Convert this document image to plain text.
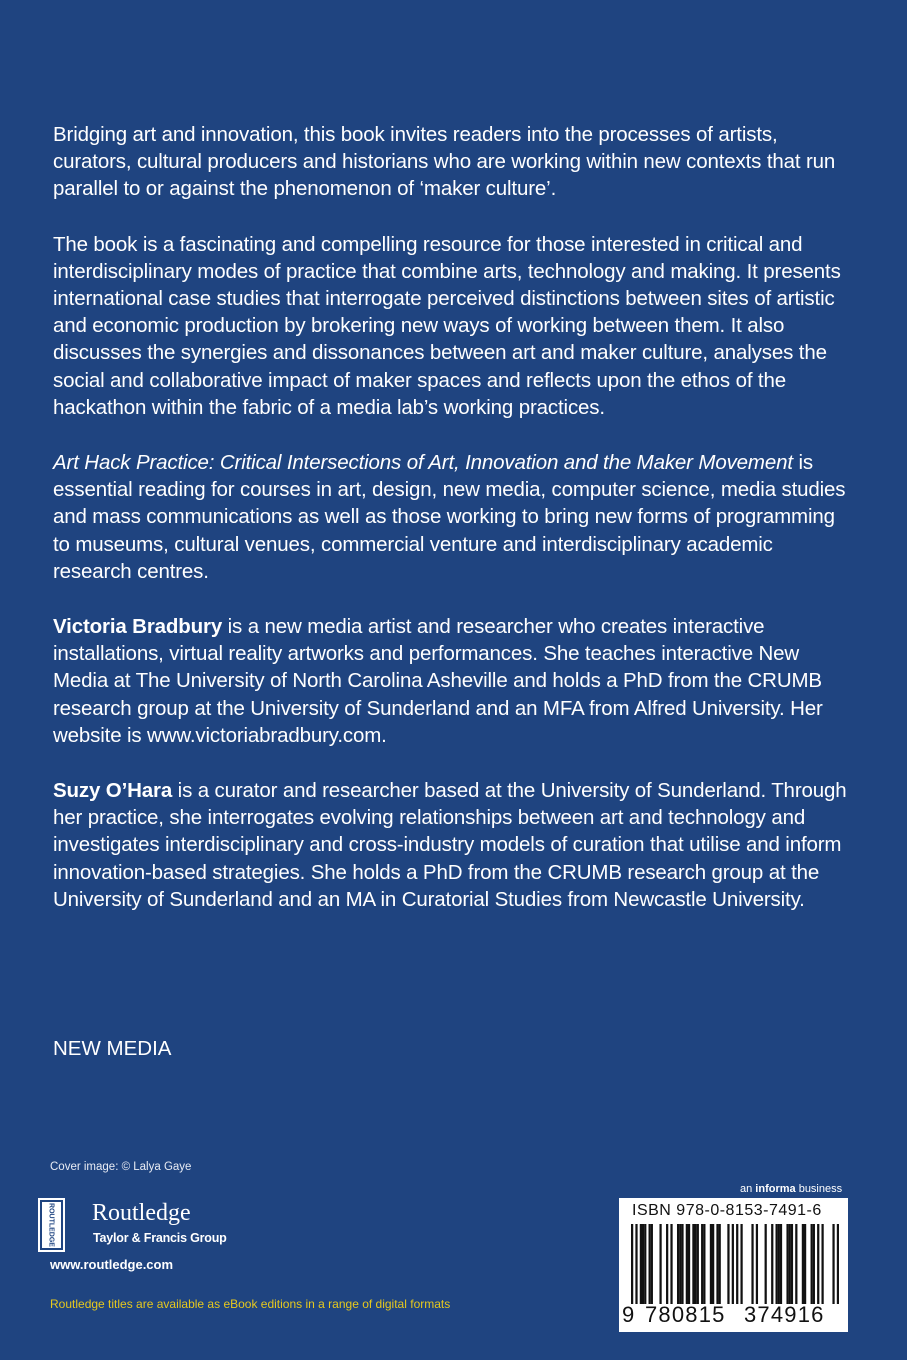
Bridging art and innovation, this book invites readers into the processes of artists, curators, cultural producers and historians who are working within new contexts that run parallel to or against the phenomenon of ‘maker culture’.

The book is a fascinating and compelling resource for those interested in critical and interdisciplinary modes of practice that combine arts, technology and making. It presents international case studies that interrogate perceived distinctions between sites of artistic and economic production by brokering new ways of working between them. It also discusses the synergies and dissonances between art and maker culture, analyses the social and collaborative impact of maker spaces and reflects upon the ethos of the hackathon within the fabric of a media lab’s working practices.

Art Hack Practice: Critical Intersections of Art, Innovation and the Maker Movement is essential reading for courses in art, design, new media, computer science, media studies and mass communications as well as those working to bring new forms of programming to museums, cultural venues, commercial venture and interdisciplinary academic research centres.

Victoria Bradbury is a new media artist and researcher who creates interactive installations, virtual reality artworks and performances. She teaches interactive New Media at The University of North Carolina Asheville and holds a PhD from the CRUMB research group at the University of Sunderland and an MFA from Alfred University. Her website is www.victoriabradbury.com.

Suzy O’Hara is a curator and researcher based at the University of Sunderland. Through her practice, she interrogates evolving relationships between art and technology and investigates interdisciplinary and cross-industry models of curation that utilise and inform innovation-based strategies. She holds a PhD from the CRUMB research group at the University of Sunderland and an MA in Curatorial Studies from Newcastle University.

NEW MEDIA
Cover image: © Lalya Gaye
ROUTLEDGE Routledge
Taylor & Francis Group
www.routledge.com
Routledge titles are available as eBook editions in a range of digital formats
an informa business
ISBN 978-0-8153-7491-6
9 780815 374916
